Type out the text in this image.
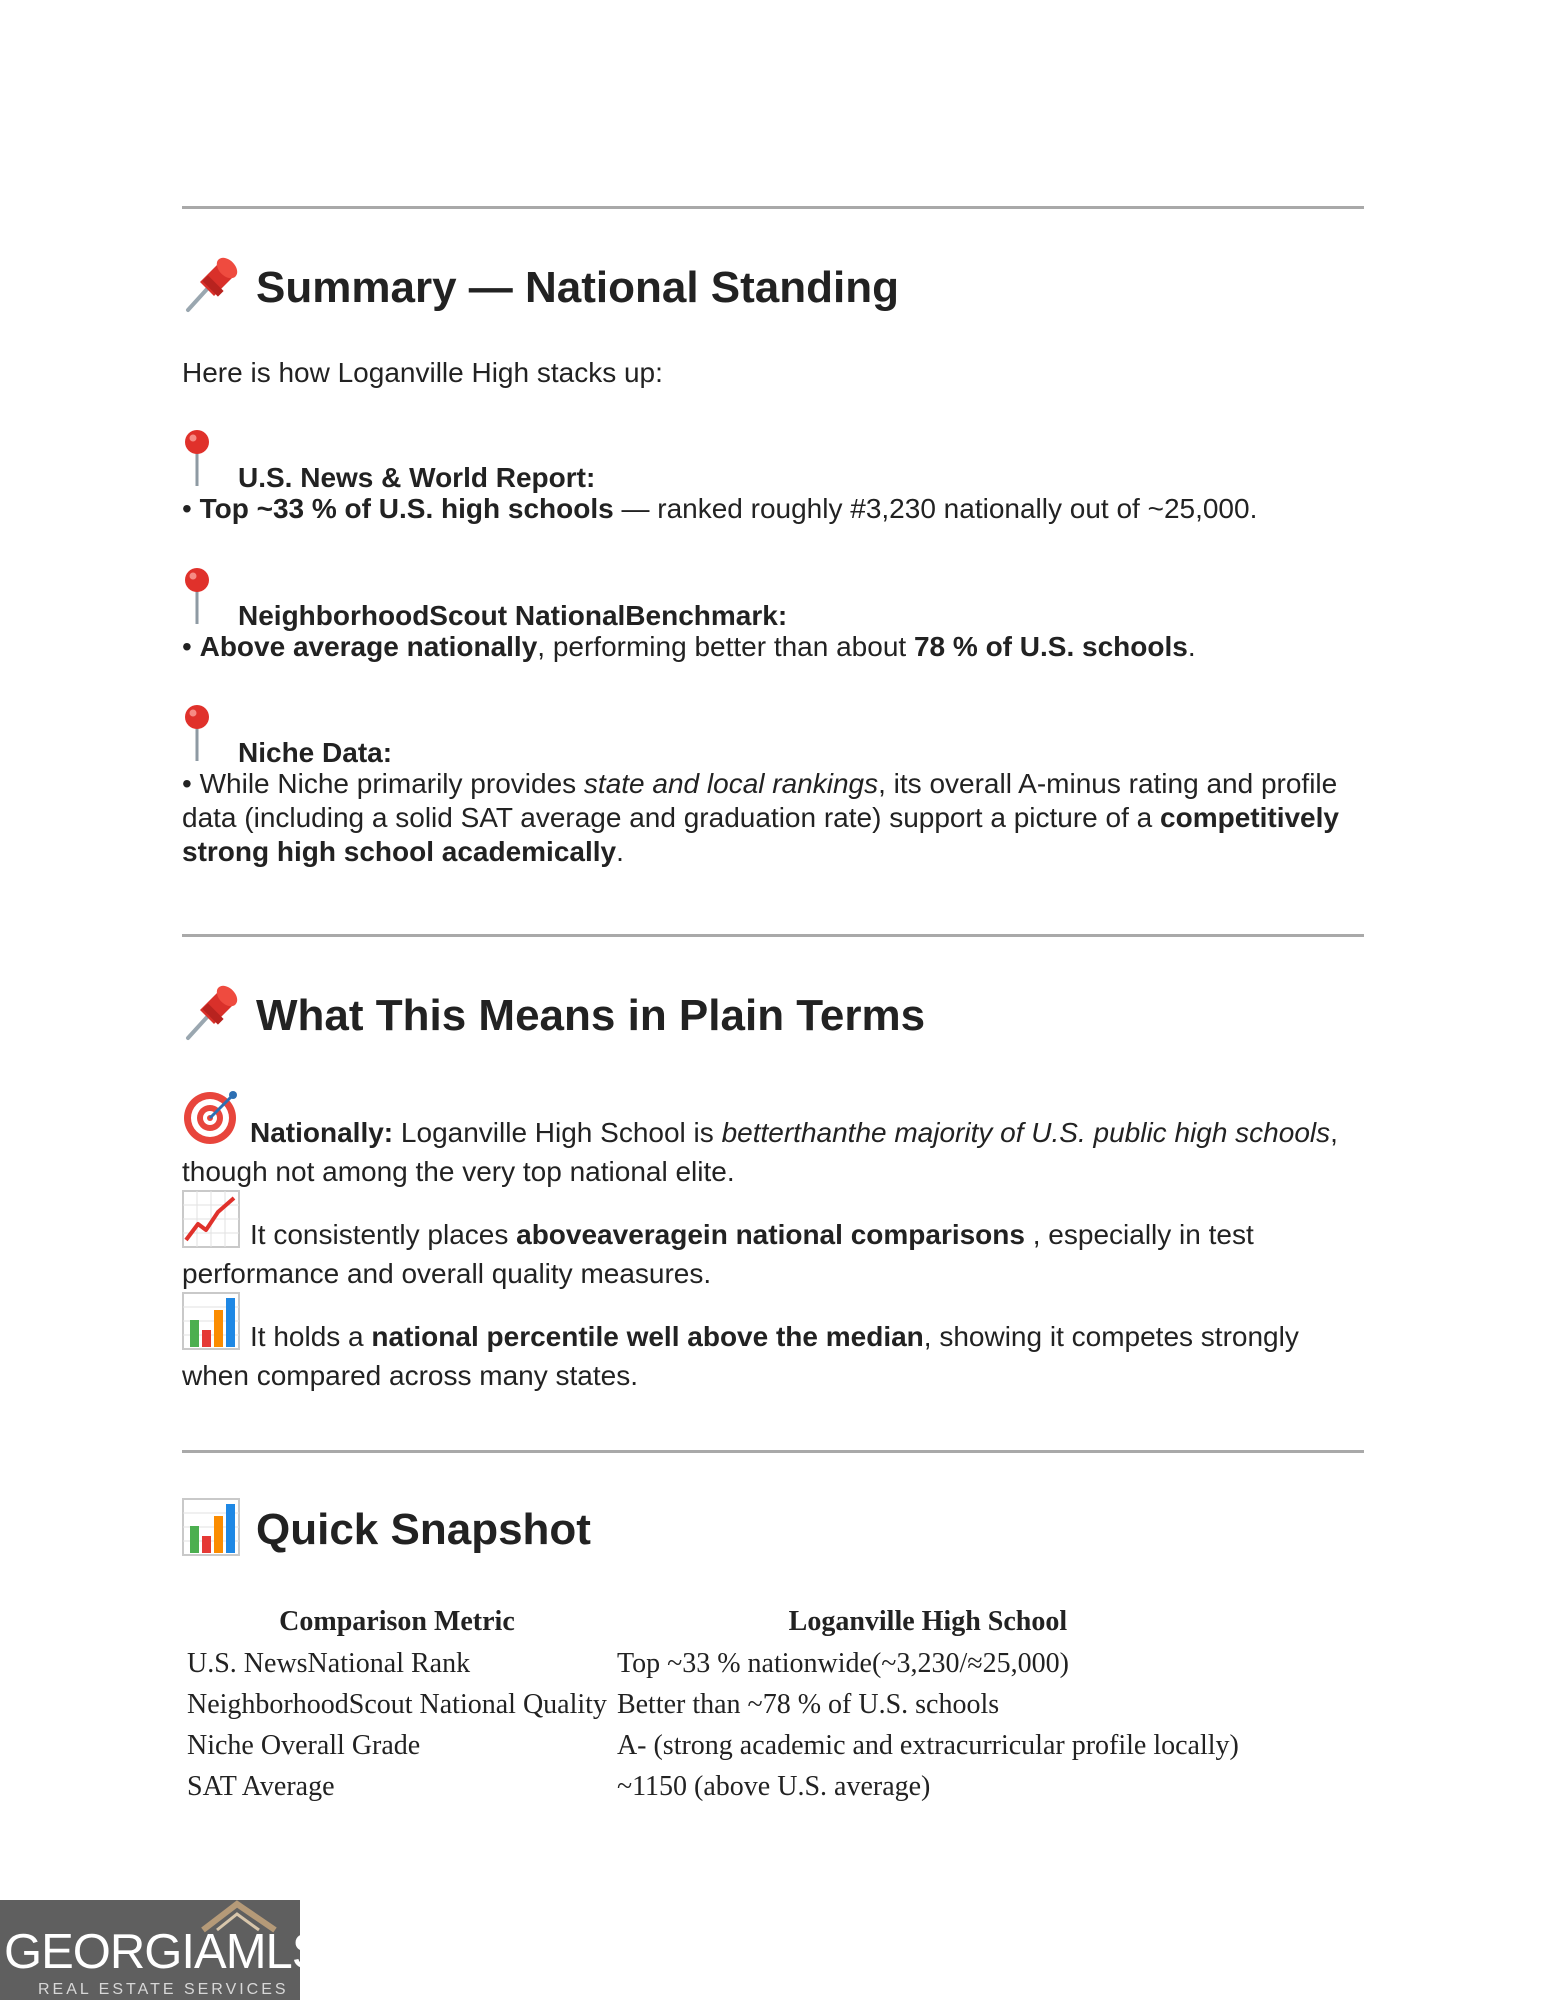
Summary — National Standing
Here is how Loganville High stacks up:
U.S. News & World Report:
• Top ~33 % of U.S. high schools — ranked roughly #3,230 nationally out of ~25,000.
NeighborhoodScout NationalBenchmark:
• Above average nationally, performing better than about 78 % of U.S. schools.
Niche Data:
• While Niche primarily provides state and local rankings, its overall A-minus rating and profile data (including a solid SAT average and graduation rate) support a picture of a competitively strong high school academically.
What This Means in Plain Terms
Nationally: Loganville High School is betterthanthe majority of U.S. public high schools, though not among the very top national elite.
It consistently places aboveaveragein national comparisons , especially in test performance and overall quality measures.
It holds a national percentile well above the median, showing it competes strongly when compared across many states.
Quick Snapshot
Comparison Metric	Loganville High School
U.S. NewsNational Rank	Top ~33 % nationwide(~3,230/≈25,000)
NeighborhoodScout National Quality	Better than ~78 % of U.S. schools
Niche Overall Grade	A- (strong academic and extracurricular profile locally)
SAT Average	~1150 (above U.S. average)
GEORGIAMLS
REAL ESTATE SERVICES
